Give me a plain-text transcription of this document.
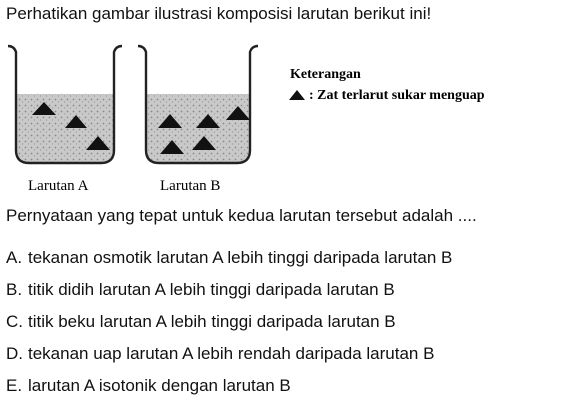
Perhatikan gambar ilustrasi komposisi larutan berikut ini!
Larutan A	Larutan B
Keterangan
: Zat terlarut sukar menguap
Pernyataan yang tepat untuk kedua larutan tersebut adalah ....
A. tekanan osmotik larutan A lebih tinggi daripada larutan B
B. titik didih larutan A lebih tinggi daripada larutan B
C. titik beku larutan A lebih tinggi daripada larutan B
D. tekanan uap larutan A lebih rendah daripada larutan B
E. larutan A isotonik dengan larutan B
